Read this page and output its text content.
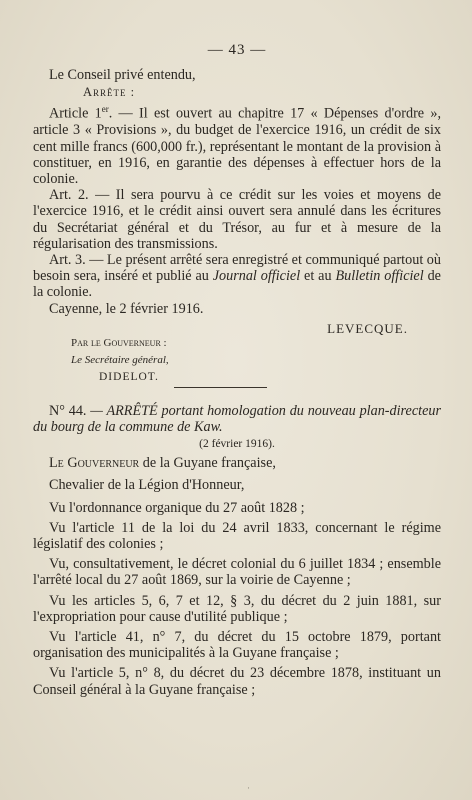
— 43 —

Le Conseil privé entendu,

Arrête :

Article 1er. — Il est ouvert au chapitre 17 « Dépenses d'ordre », article 3 « Provisions », du budget de l'exercice 1916, un crédit de six cent mille francs (600,000 fr.), représentant le montant de la provision à constituer, en 1916, en garantie des dépenses à effectuer hors de la colonie.

Art. 2. — Il sera pourvu à ce crédit sur les voies et moyens de l'exercice 1916, et le crédit ainsi ouvert sera annulé dans les écritures du Secrétariat général et du Trésor, au fur et à mesure de la régularisation des transmissions.

Art. 3. — Le présent arrêté sera enregistré et communiqué partout où besoin sera, inséré et publié au Journal officiel et au Bulletin officiel de la colonie.

Cayenne, le 2 février 1916.

LEVECQUE.
Par le Gouverneur :
Le Secrétaire général,
DIDELOT.

N° 44. — ARRÊTÉ portant homologation du nouveau plan-directeur du bourg de la commune de Kaw.

(2 février 1916).

Le Gouverneur de la Guyane française,

Chevalier de la Légion d'Honneur,

Vu l'ordonnance organique du 27 août 1828 ;

Vu l'article 11 de la loi du 24 avril 1833, concernant le régime législatif des colonies ;

Vu, consultativement, le décret colonial du 6 juillet 1834 ; ensemble l'arrêté local du 27 août 1869, sur la voirie de Cayenne ;

Vu les articles 5, 6, 7 et 12, § 3, du décret du 2 juin 1881, sur l'expropriation pour cause d'utilité publique ;

Vu l'article 41, n° 7, du décret du 15 octobre 1879, portant organisation des municipalités à la Guyane française ;

Vu l'article 5, n° 8, du décret du 23 décembre 1878, instituant un Conseil général à la Guyane française ;

·
